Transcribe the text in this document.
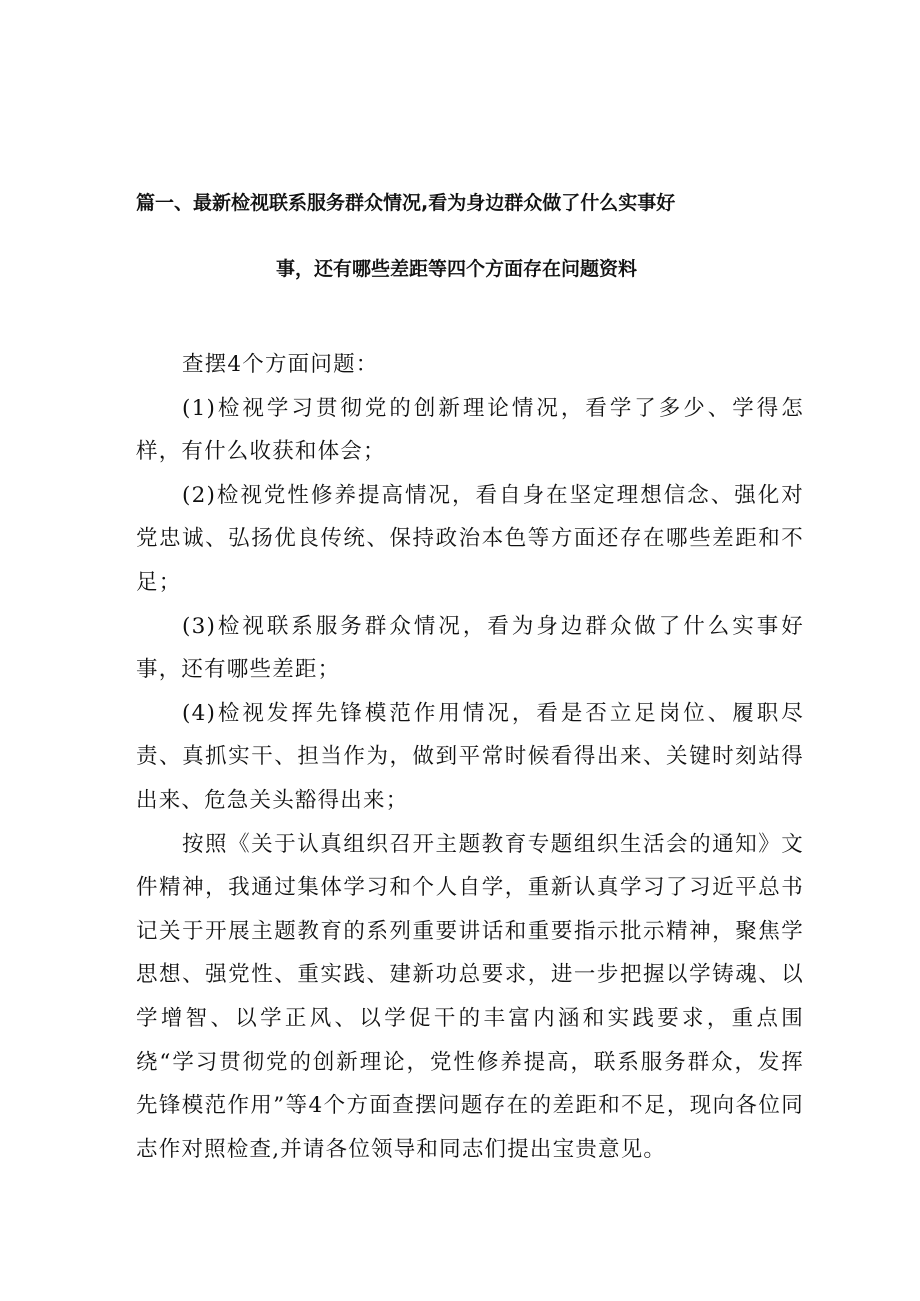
篇一、最新检视联系服务群众情况,看为身边群众做了什么实事好
事，还有哪些差距等四个方面存在问题资料

查摆4个方面问题：

(1)检视学习贯彻党的创新理论情况，看学了多少、学得怎样，有什么收获和体会；

(2)检视党性修养提高情况，看自身在坚定理想信念、强化对党忠诚、弘扬优良传统、保持政治本色等方面还存在哪些差距和不足；

(3)检视联系服务群众情况，看为身边群众做了什么实事好事，还有哪些差距；

(4)检视发挥先锋模范作用情况，看是否立足岗位、履职尽责、真抓实干、担当作为，做到平常时候看得出来、关键时刻站得出来、危急关头豁得出来；

按照《关于认真组织召开主题教育专题组织生活会的通知》文件精神，我通过集体学习和个人自学，重新认真学习了习近平总书记关于开展主题教育的系列重要讲话和重要指示批示精神，聚焦学思想、强党性、重实践、建新功总要求，进一步把握以学铸魂、以学增智、以学正风、以学促干的丰富内涵和实践要求，重点围绕“学习贯彻党的创新理论，党性修养提高，联系服务群众，发挥先锋模范作用”等4个方面查摆问题存在的差距和不足，现向各位同志作对照检查,并请各位领导和同志们提出宝贵意见。
